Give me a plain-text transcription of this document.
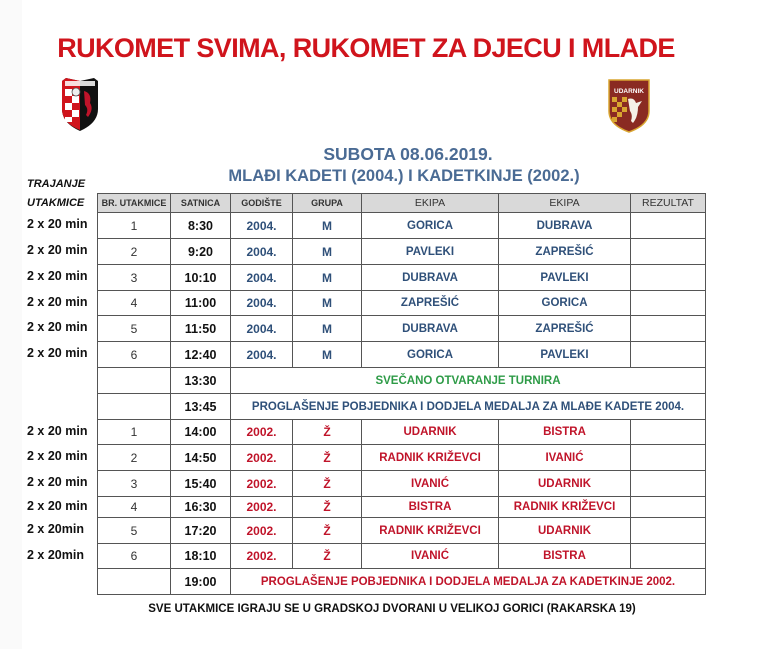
RUKOMET SVIMA, RUKOMET ZA DJECU I MLADE
UDARNIK
SUBOTA 08.06.2019.
MLAĐI KADETI (2004.) I KADETKINJE (2002.)
TRAJANJE
UTAKMICE
2 x 20 min
2 x 20 min
2 x 20 min
2 x 20 min
2 x 20 min
2 x 20 min
2 x 20 min
2 x 20 min
2 x 20 min
2 x 20 min
2 x 20min
2 x 20min
BR. UTAKMICE	SATNICA	GODIŠTE	GRUPA	EKIPA	EKIPA	REZULTAT
1	8:30	2004.	M	GORICA	DUBRAVA	
2	9:20	2004.	M	PAVLEKI	ZAPREŠIĆ	
3	10:10	2004.	M	DUBRAVA	PAVLEKI	
4	11:00	2004.	M	ZAPREŠIĆ	GORICA	
5	11:50	2004.	M	DUBRAVA	ZAPREŠIĆ	
6	12:40	2004.	M	GORICA	PAVLEKI	
	13:30	SVEČANO OTVARANJE TURNIRA				
	13:45	PROGLAŠENJE POBJEDNIKA I DODJELA MEDALJA ZA MLAĐE KADETE 2004.				
1	14:00	2002.	Ž	UDARNIK	BISTRA	
2	14:50	2002.	Ž	RADNIK KRIŽEVCI	IVANIĆ	
3	15:40	2002.	Ž	IVANIĆ	UDARNIK	
4	16:30	2002.	Ž	BISTRA	RADNIK KRIŽEVCI	
5	17:20	2002.	Ž	RADNIK KRIŽEVCI	UDARNIK	
6	18:10	2002.	Ž	IVANIĆ	BISTRA	
	19:00	PROGLAŠENJE POBJEDNIKA I DODJELA MEDALJA ZA KADETKINJE 2002.				
SVE UTAKMICE IGRAJU SE U GRADSKOJ DVORANI U VELIKOJ GORICI (RAKARSKA 19)
